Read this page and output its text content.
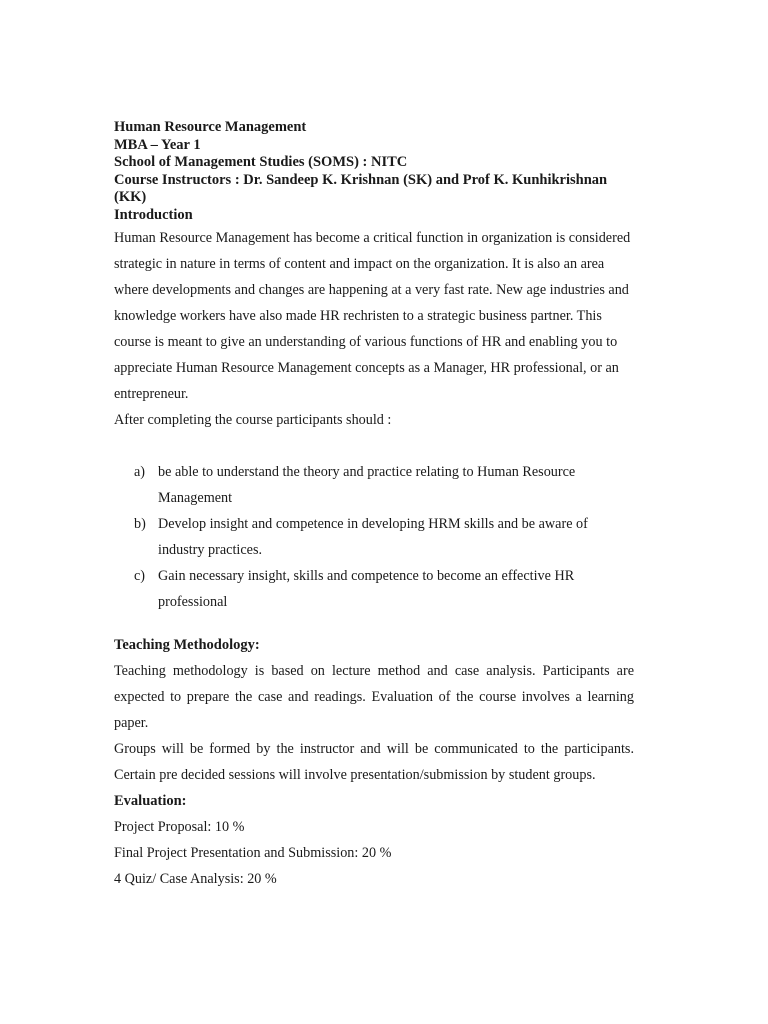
Human Resource Management

MBA – Year 1

School of Management Studies (SOMS) : NITC

Course Instructors : Dr. Sandeep K. Krishnan (SK) and Prof K. Kunhikrishnan

(KK)

Introduction

Human Resource Management has become a critical function in organization is considered strategic in nature in terms of content and impact on the organization. It is also an area where developments and changes are happening at a very fast rate. New age industries and knowledge workers have also made HR rechristen to a strategic business partner. This course is meant to give an understanding of various functions of HR and enabling you to appreciate Human Resource Management concepts as a Manager, HR professional, or an entrepreneur.

After completing the course participants should :

a) be able to understand the theory and practice relating to Human Resource Management
b) Develop insight and competence in developing HRM skills and be aware of industry practices.
c) Gain necessary insight, skills and competence to become an effective HR professional

Teaching Methodology:

Teaching methodology is based on lecture method and case analysis. Participants are expected to prepare the case and readings. Evaluation of the course involves a learning paper.

Groups will be formed by the instructor and will be communicated to the participants. Certain pre decided sessions will involve presentation/submission by student groups.

Evaluation:

Project Proposal: 10 %

Final Project Presentation and Submission: 20 %

4 Quiz/ Case Analysis: 20 %
